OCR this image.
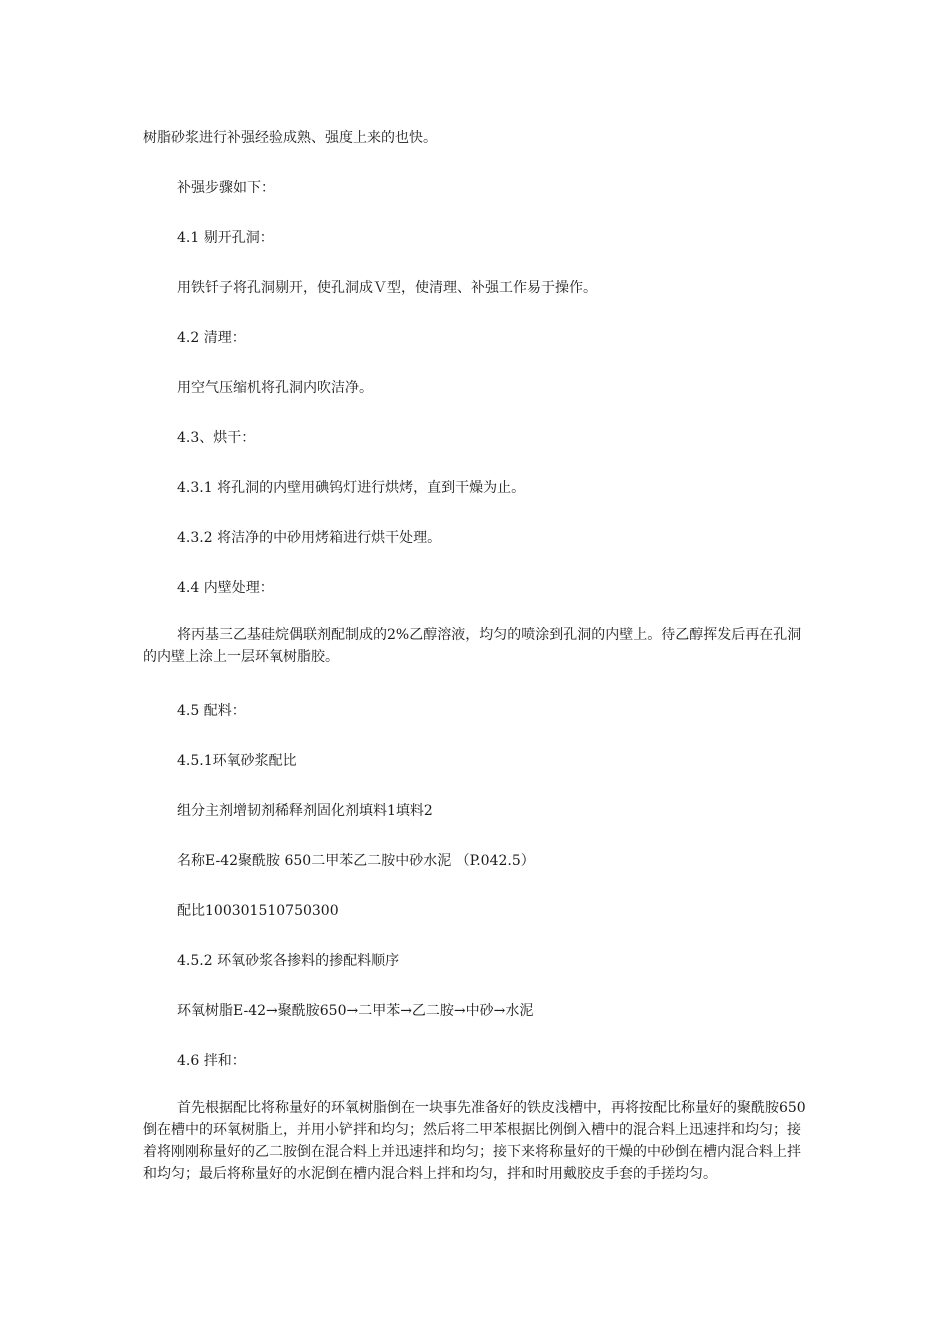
树脂砂浆进行补强经验成熟、强度上来的也快。

补强步骤如下：

4.1 剔开孔洞：

用铁钎子将孔洞剔开，使孔洞成Ｖ型，使清理、补强工作易于操作。

4.2 清理：

用空气压缩机将孔洞内吹洁净。

4.3、烘干：

4.3.1 将孔洞的内壁用碘钨灯进行烘烤，直到干燥为止。

4.3.2 将洁净的中砂用烤箱进行烘干处理。

4.4 内壁处理：

将丙基三乙基硅烷偶联剂配制成的2%乙醇溶液，均匀的喷涂到孔洞的内壁上。待乙醇挥发后再在孔洞的内壁上涂上一层环氧树脂胶。

4.5 配料：

4.5.1环氧砂浆配比

组分主剂增韧剂稀释剂固化剂填料1填料2

名称E-42聚酰胺 650二甲苯乙二胺中砂水泥 （P.042.5）

配比100301510750300

4.5.2 环氧砂浆各掺料的掺配料顺序

环氧树脂E-42→聚酰胺650→二甲苯→乙二胺→中砂→水泥

4.6 拌和：

首先根据配比将称量好的环氧树脂倒在一块事先准备好的铁皮浅槽中，再将按配比称量好的聚酰胺650倒在槽中的环氧树脂上，并用小铲拌和均匀；然后将二甲苯根据比例倒入槽中的混合料上迅速拌和均匀；接着将刚刚称量好的乙二胺倒在混合料上并迅速拌和均匀；接下来将称量好的干燥的中砂倒在槽内混合料上拌和均匀；最后将称量好的水泥倒在槽内混合料上拌和均匀，拌和时用戴胶皮手套的手搓均匀。
